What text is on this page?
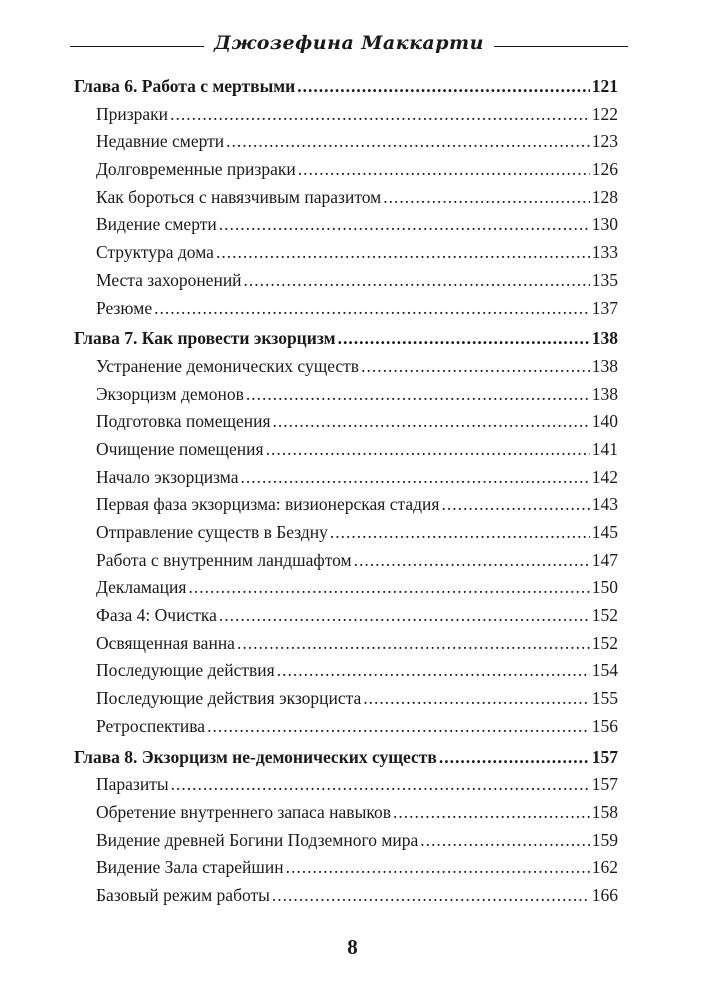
Джозефина Маккарти
Глава 6. Работа с мертвыми .....	121
Призраки .....	122
Недавние смерти .....	123
Долговременные призраки .....	126
Как бороться с навязчивым паразитом .....	128
Видение смерти .....	130
Структура дома .....	133
Места захоронений .....	135
Резюме .....	137
Глава 7. Как провести экзорцизм .....	138
Устранение демонических существ .....	138
Экзорцизм демонов .....	138
Подготовка помещения .....	140
Очищение помещения .....	141
Начало экзорцизма .....	142
Первая фаза экзорцизма: визионерская стадия .....	143
Отправление существ в Бездну .....	145
Работа с внутренним ландшафтом .....	147
Декламация .....	150
Фаза 4: Очистка .....	152
Освященная ванна .....	152
Последующие действия .....	154
Последующие действия экзорциста .....	155
Ретроспектива .....	156
Глава 8. Экзорцизм не-демонических существ .....	157
Паразиты .....	157
Обретение внутреннего запаса навыков .....	158
Видение древней Богини Подземного мира .....	159
Видение Зала старейшин .....	162
Базовый режим работы .....	166
8
